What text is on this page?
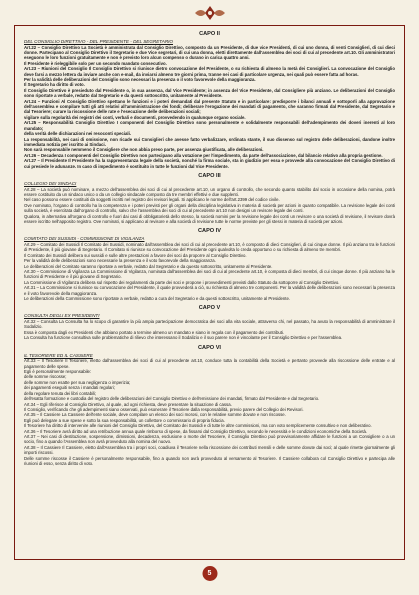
CAPO II
DEL CONSIGLIO DIRETTIVO - DEL PRESIDENTE - DEL SEGRETARIO

Art.22 – Consiglio Direttivo La Società è amministrata dal Consiglio Direttivo, composto da un Presidente, di due vice Presidenti, di cui uno donna, di venti Consiglieri, di cui dieci donne. Partecipano al Consiglio Direttivo il Segretario e due Vice segretari, di cui una donna, eletti direttamente dall'assemblea dei soci di cui al precedente art.10. Gli amministratori eseguono le loro funzioni gratuitamente e non è previsto loro alcun compenso o durano in carica quattro anni.

Il Presidente è rieleggibile solo per un secondo mandato consecutivo.

Art.23 – Riunioni del Consiglio Il Consiglio Direttivo si riunisce dietro convocazione del Presidente, o su richiesta di almeno la metà dei Consiglieri. La convocazione del Consiglio deve farsi a mezzo lettera da inviare anche con e-mail, da inviarsi almeno tre giorni prima, tranne nei casi di particolare urgenza, nei quali può essere fatta ad horas.

Per la validità delle deliberazioni del Consiglio sono necessari la presenza o il voto favorevole della maggioranza.

Il Segretario ha diritto di voto.

Il Consiglio Direttivo è presieduto dal Presidente o, in sua assenza, dal Vice Presidente; in assenza del Vice Presidente, dal Consigliere più anziano. Le deliberazioni del Consiglio sono riportate a verbale, redatto dal Segretario e da questi sottoscritto, unitamente al Presidente.

Art.24 – Funzioni Al Consiglio Direttivo spettano le funzioni e i poteri demandati dal presente Statuto e in particolare: predisporre i bilanci annuali e sottoporli alla approvazione dell'assemblea e compilare tutti gli atti relativi all'amministrazione dei fondi; deliberare l'erogazione dei mandati di pagamento, che saranno firmati dal Presidente, dal Segretario e dal Tesoriere; curare la riscossione delle rate e l'esecuzione delle deliberazioni sociali;

vigilare sulla regolarità dei registri dei conti, verbali e documenti, provvedendo in qualunque organo sociale.

Art.25 – Responsabilità Consiglio Direttivo I componenti del Consiglio Direttivo sono personalmente e solidalmente responsabili dell'adempimento dei doveri inerenti al loro mandato;

della verità delle dichiarazioni nei resoconti speciali.

La responsabilità, nei casi di omissione, non ricade sui Consiglieri che avesse fatto verbalizzare, ordinata stante, il suo dissenso sul registro delle deliberazioni, dandone inoltre immediata notizia per iscritto ai Sindaci.

Non sarà responsabile nemmeno il Consigliere che non abbia preso parte, per assenza giustificata, alle deliberazioni.

Art.26 – Decadenza I componenti del Consiglio Direttivo non partecipano alla votazione per l'impedimento, da parte dell'associazione, dal bilancio relativo alla propria gestione.

Art.27 – Il Presidente Il Presidente ha la rappresentanza legale della società, nonché la firma sociale, sta in giudizio per essa e provvede alla convocazione del Consiglio Direttivo di cui presiede le adunanze. In caso di impedimento è sostituito in tutte le funzioni dal Vice Presidente.

CAPO III
COLLEGIO DEI SINDACI

Art.28 – La società può nominare, a mezzo dell'assemblea dei soci di cui al precedente art.10, un organo di controllo, che secondo quanto stabilito dal socio in occasione della nomina, potrà essere costituito da un sindaco unico o da un collegio sindacale composto da tre membri effettivi e due supplenti.

Nel caso possono essere costituiti da soggetti iscritti nel registro dei revisori legali. Si applicano le norme dell'art.2399 del codice civile.

Ove nominato, l'organo di controllo ha la competenza e i poteri previsti per gli organi della disciplina legislativa in materia di società per azioni in quanto compatibile. La revisione legale dei conti sulla società, è esercitata dall'organo di controllo, salvo che l'assemblea dei soci di cui al precedente art.10 non designi un revisore legale dei conti.

Qualora, in alternativa all'organo di controllo e fuori dai casi di obbligatorietà dello stesso, la società nomini per la revisione legale dei conti un revisore o una società di revisione, il revisore dovrà essere iscritto nell'apposito registro. Ove nominati, si applicano al revisore e alla società di revisione tutte le norme previste per gli stessi in materia di società per azioni.

CAPO IV
COMITATO DEI SUSSIDI - COMMISSIONE DI VIGILANZA

Art.29 – Comitato dei Sussidi Il Comitato dei Sussidi, nominato dall'assemblea dei soci di cui al precedente art.10, è composto di dieci Consiglieri, di cui cinque donne. Il più anziano tra le funzioni di Presidente, il più giovane di Segretario. Il Comitato si riunisce su convocazione del Presidente ogni qualvolta lo creda opportuno o su richiesta di almeno tre membri.

Il Comitato dei Sussidi delibera sui sussidi e sulle altre prestazioni a favore dei soci da proporre al Consiglio Direttivo.

Per la validità delle deliberazioni sono necessarie la presenza e il voto favorevole della maggioranza.

Le deliberazioni del Comitato saranno riportate a verbale, redatto dal Segretario e da questo sottoscritto, unitamente al Presidente.

Art.30 – Commissione di Vigilanza La Commissione di Vigilanza, nominata dall'assemblea dei soci di cui al precedente art.10, è composta di dieci membri, di cui cinque donne. Il più anziano ha le funzioni di Presidente e il più giovane di Segretario.

La Commissione di Vigilanza delibera sul rispetto dei regolamenti da parte dei soci e propone i provvedimenti previsti dallo Statuto da sottoporre al Consiglio Direttivo.

Art.31 – La Commissione si riunisce su convocazione del Presidente, il quale provvederà a ciò, su richiesta di almeno tre componenti. Per la validità delle deliberazioni sono necessari la presenza e il voto favorevole della maggioranza.

Le deliberazioni della Commissione sono riportate a verbale, redatto a cura del Segretario e da questi sottoscritto, unitamente al Presidente.

CAPO V
CONSULTA DEGLI EX PRESIDENTI

Art.32 – Consulta La Consulta ha lo scopo di garantire la più ampia partecipazione democratica dei soci alla vita sociale, attraverso chi, nel passato, ha avuto la responsabilità di amministrare il Sodalizio.

Essa è composta dagli ex Presidenti che abbiano portato a termine almeno un mandato e siano in regola con il pagamento dei contributi.

La Consulta ha funzione consultiva sulle problematiche di rilievo che interessano il Sodalizio e il suo parere non è vincolante per il Consiglio Direttivo e per l'assemblea.

CAPO VI
IL TESORIERE ED IL CASSIERE

Art.33 – Il Tesoriere Il Tesoriere, eletto dall'assemblea dei soci di cui al precedente art.10, conduce tutta la contabilità della Società e pertanto provvede alla riscossione delle entrate e al pagamento delle spese.

Egli è personalmente responsabile:

delle somme riscosse;

delle somme non esatte per sua negligenza o imperizia;

dei pagamenti eseguiti senza i mandati regolari;

della regolare tenuta dei libri contabili;

dell'esatta formazione e custodia del registro delle deliberazioni del Consiglio Direttivo e dell'emissione dei mandati, firmato dal Presidente e dal Segretario.

Art.34 – Egli riferisce al Consiglio Direttivo, al quale, ad ogni richiesta, deve presentare la situazione di cassa.

Il Consiglio, verificando che gli adempimenti siano osservati, può esonerare il Tesoriere dalla responsabilità, previo parere del Collegio dei Revisori.

Art.35 – Il Cassiere La Cassiere dell'ente sociale, deve compilare un elenco dei soci morosi, con le relative somme dovute e non riscosse.

Egli può delegare a sue spese e sotto la sua responsabilità, un collettore o commissario di propria fiducia.

Il Tesoriere ha diritto di intervenire alle riunioni del Consiglio Direttivo, del Comitato dei Sussidi e di tutte le altre commissioni, ma con voto semplicemente consultivo e non deliberativo.

Art.36 – Il Tesoriere avrà diritto ad una retribuzione annua quale rimborso di spese, da fissarsi dal Consiglio Direttivo, secondo le necessità e le condizioni economiche della Società.

Art.37 – Nei casi di destituzione, sospensione, dimissioni, decadenza, esclusione o morte del Tesoriere, il Consiglio Direttivo può provvisoriamente affidare le funzioni a un Consigliere o a un socio, fino a quando l'Assemblea non avrà provveduto alla nomina del nuovo.

Art.38 – Il Cassiere Il Cassiere, eletto dall'Assemblea tra i propri soci, coadiuva il Tesoriere nella riscossione dei contributi mensili e delle somme dovute dai soci; al quale rimette giornalmente gli importi riscossi.

Delle somme riscosse il Cassiere è personalmente responsabile, fino a quando non avrà provveduto al versamento al Tesoriere. Il Cassiere collabora col Consiglio Direttivo e partecipa alle riunioni di esso, senza diritto di voto.

5
